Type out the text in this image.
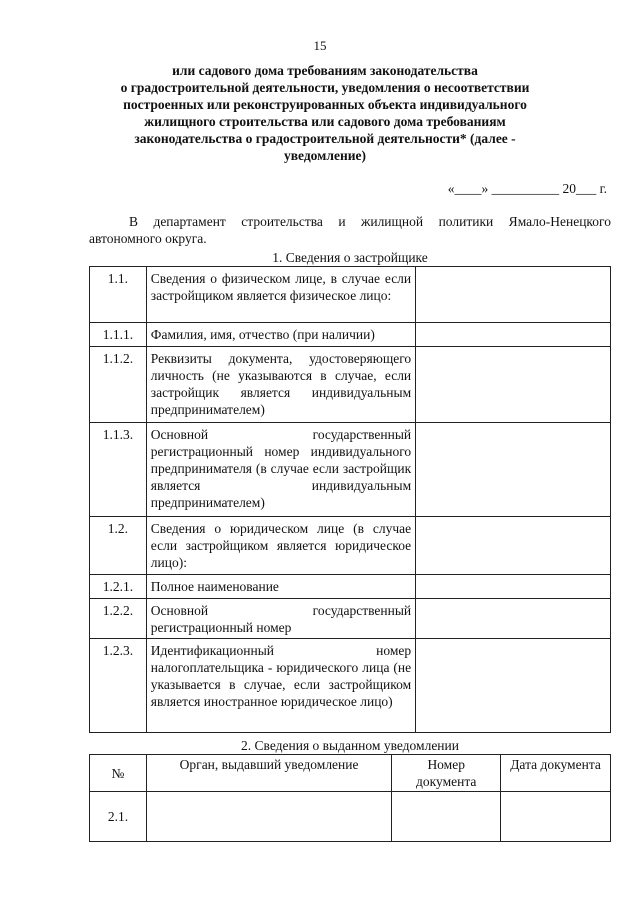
15
или садового дома требованиям законодательства
о градостроительной деятельности, уведомления о несоответствии
построенных или реконструированных объекта индивидуального
жилищного строительства или садового дома требованиям
законодательства о градостроительной деятельности* (далее -
уведомление)
«____» __________ 20___ г.
В департамент строительства и жилищной политики Ямало-Ненецкого автономного округа.
1. Сведения о застройщике
1.1.	Сведения о физическом лице, в случае если застройщиком является физическое лицо:	
1.1.1.	Фамилия, имя, отчество (при наличии)	
1.1.2.	Реквизиты документа, удостоверяющего личность (не указываются в случае, если застройщик является индивидуальным предпринимателем)	
1.1.3.	Основной государственный регистрационный номер индивидуального предпринимателя (в случае если застройщик является индивидуальным предпринимателем)	
1.2.	Сведения о юридическом лице (в случае если застройщиком является юридическое лицо):	
1.2.1.	Полное наименование	
1.2.2.	Основной государственный регистрационный номер	
1.2.3.	Идентификационный номер налогоплательщика - юридического лица (не указывается в случае, если застройщиком является иностранное юридическое лицо)	
2. Сведения о выданном уведомлении
№	Орган, выдавший уведомление	Номер документа	Дата документа
2.1.			
